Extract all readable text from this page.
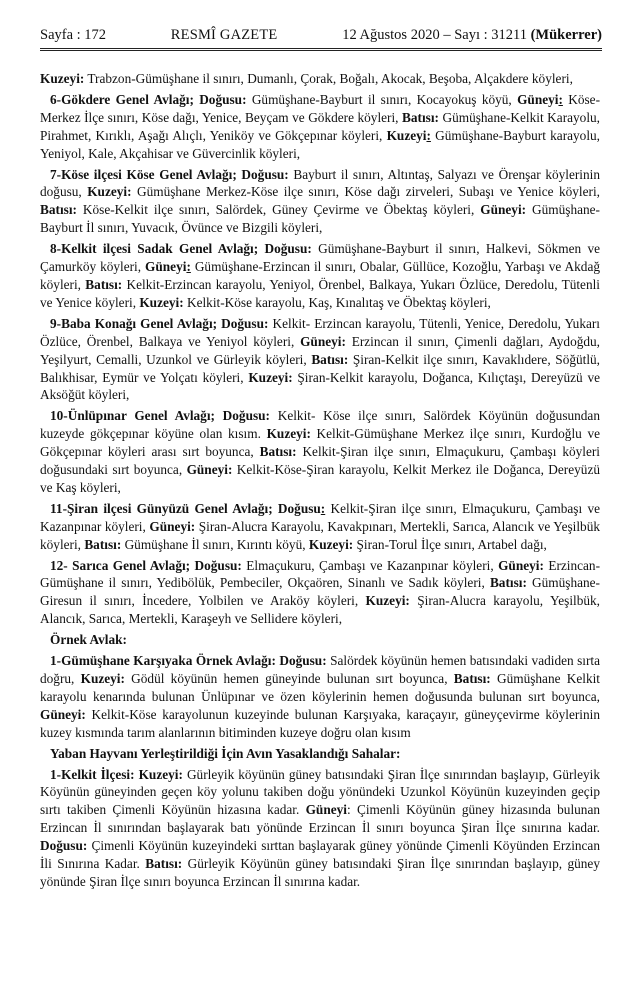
Sayfa : 172	RESMÎ GAZETE	12 Ağustos 2020 – Sayı : 31211 (Mükerrer)

Kuzeyi: Trabzon-Gümüşhane il sınırı, Dumanlı, Çorak, Boğalı, Akocak, Beşoba, Alçakdere köyleri,

6-Gökdere Genel Avlağı; Doğusu: Gümüşhane-Bayburt il sınırı, Kocayokuş köyü, Güneyi: Köse-Merkez İlçe sınırı, Köse dağı, Yenice, Beyçam ve Gökdere köyleri, Batısı: Gümüşhane-Kelkit Karayolu, Pirahmet, Kırıklı, Aşağı Alıçlı, Yeniköy ve Gökçepınar köyleri, Kuzeyi: Gümüşhane-Bayburt karayolu, Yeniyol, Kale, Akçahisar ve Güvercinlik köyleri,

7-Köse ilçesi Köse Genel Avlağı; Doğusu: Bayburt il sınırı, Altıntaş, Salyazı ve Örenşar köylerinin doğusu, Kuzeyi: Gümüşhane Merkez-Köse ilçe sınırı, Köse dağı zirveleri, Subaşı ve Yenice köyleri, Batısı: Köse-Kelkit ilçe sınırı, Salördek, Güney Çevirme ve Öbektaş köyleri, Güneyi: Gümüşhane-Bayburt İl sınırı, Yuvacık, Övünce ve Bizgili köyleri,

8-Kelkit ilçesi Sadak Genel Avlağı; Doğusu: Gümüşhane-Bayburt il sınırı, Halkevi, Sökmen ve Çamurköy köyleri, Güneyi: Gümüşhane-Erzincan il sınırı, Obalar, Güllüce, Kozoğlu, Yarbaşı ve Akdağ köyleri, Batısı: Kelkit-Erzincan karayolu, Yeniyol, Örenbel, Balkaya, Yukarı Özlüce, Deredolu, Tütenli ve Yenice köyleri, Kuzeyi: Kelkit-Köse karayolu, Kaş, Kınalıtaş ve Öbektaş köyleri,

9-Baba Konağı Genel Avlağı; Doğusu: Kelkit- Erzincan karayolu, Tütenli, Yenice, Deredolu, Yukarı Özlüce, Örenbel, Balkaya ve Yeniyol köyleri, Güneyi: Erzincan il sınırı, Çimenli dağları, Aydoğdu, Yeşilyurt, Cemalli, Uzunkol ve Gürleyik köyleri, Batısı: Şiran-Kelkit ilçe sınırı, Kavaklıdere, Söğütlü, Balıkhisar, Eymür ve Yolçatı köyleri, Kuzeyi: Şiran-Kelkit karayolu, Doğanca, Kılıçtaşı, Dereyüzü ve Aksöğüt köyleri,

10-Ünlüpınar Genel Avlağı; Doğusu: Kelkit- Köse ilçe sınırı, Salördek Köyünün doğusundan kuzeyde gökçepınar köyüne olan kısım. Kuzeyi: Kelkit-Gümüşhane Merkez ilçe sınırı, Kurdoğlu ve Gökçepınar köyleri arası sırt boyunca, Batısı: Kelkit-Şiran ilçe sınırı, Elmaçukuru, Çambaşı köyleri doğusundaki sırt boyunca, Güneyi: Kelkit-Köse-Şiran karayolu, Kelkit Merkez ile Doğanca, Dereyüzü ve Kaş köyleri,

11-Şiran ilçesi Günyüzü Genel Avlağı; Doğusu: Kelkit-Şiran ilçe sınırı, Elmaçukuru, Çambaşı ve Kazanpınar köyleri, Güneyi: Şiran-Alucra Karayolu, Kavakpınarı, Mertekli, Sarıca, Alancık ve Yeşilbük köyleri, Batısı: Gümüşhane İl sınırı, Kırıntı köyü, Kuzeyi: Şiran-Torul İlçe sınırı, Artabel dağı,

12- Sarıca Genel Avlağı; Doğusu: Elmaçukuru, Çambaşı ve Kazanpınar köyleri, Güneyi: Erzincan-Gümüşhane il sınırı, Yedibölük, Pembeciler, Okçaören, Sinanlı ve Sadık köyleri, Batısı: Gümüşhane-Giresun il sınırı, İncedere, Yolbilen ve Araköy köyleri, Kuzeyi: Şiran-Alucra karayolu, Yeşilbük, Alancık, Sarıca, Mertekli, Karaşeyh ve Sellidere köyleri,

Örnek Avlak:

1-Gümüşhane Karşıyaka Örnek Avlağı: Doğusu: Salördek köyünün hemen batısındaki vadiden sırta doğru, Kuzeyi: Gödül köyünün hemen güneyinde bulunan sırt boyunca, Batısı: Gümüşhane Kelkit karayolu kenarında bulunan Ünlüpınar ve özen köylerinin hemen doğusunda bulunan sırt boyunca, Güneyi: Kelkit-Köse karayolunun kuzeyinde bulunan Karşıyaka, karaçayır, güneyçevirme köylerinin kuzey kısmında tarım alanlarının bitiminden kuzeye doğru olan kısım

Yaban Hayvanı Yerleştirildiği İçin Avın Yasaklandığı Sahalar:

1-Kelkit İlçesi: Kuzeyi: Gürleyik köyünün güney batısındaki Şiran İlçe sınırından başlayıp, Gürleyik Köyünün güneyinden geçen köy yolunu takiben doğu yönündeki Uzunkol Köyünün kuzeyinden geçip sırtı takiben Çimenli Köyünün hizasına kadar. Güneyi: Çimenli Köyünün güney hizasında bulunan Erzincan İl sınırından başlayarak batı yönünde Erzincan İl sınırı boyunca Şiran İlçe sınırına kadar. Doğusu: Çimenli Köyünün kuzeyindeki sırttan başlayarak güney yönünde Çimenli Köyünden Erzincan İli Sınırına Kadar. Batısı: Gürleyik Köyünün güney batısındaki Şiran İlçe sınırından başlayıp, güney yönünde Şiran İlçe sınırı boyunca Erzincan İl sınırına kadar.
